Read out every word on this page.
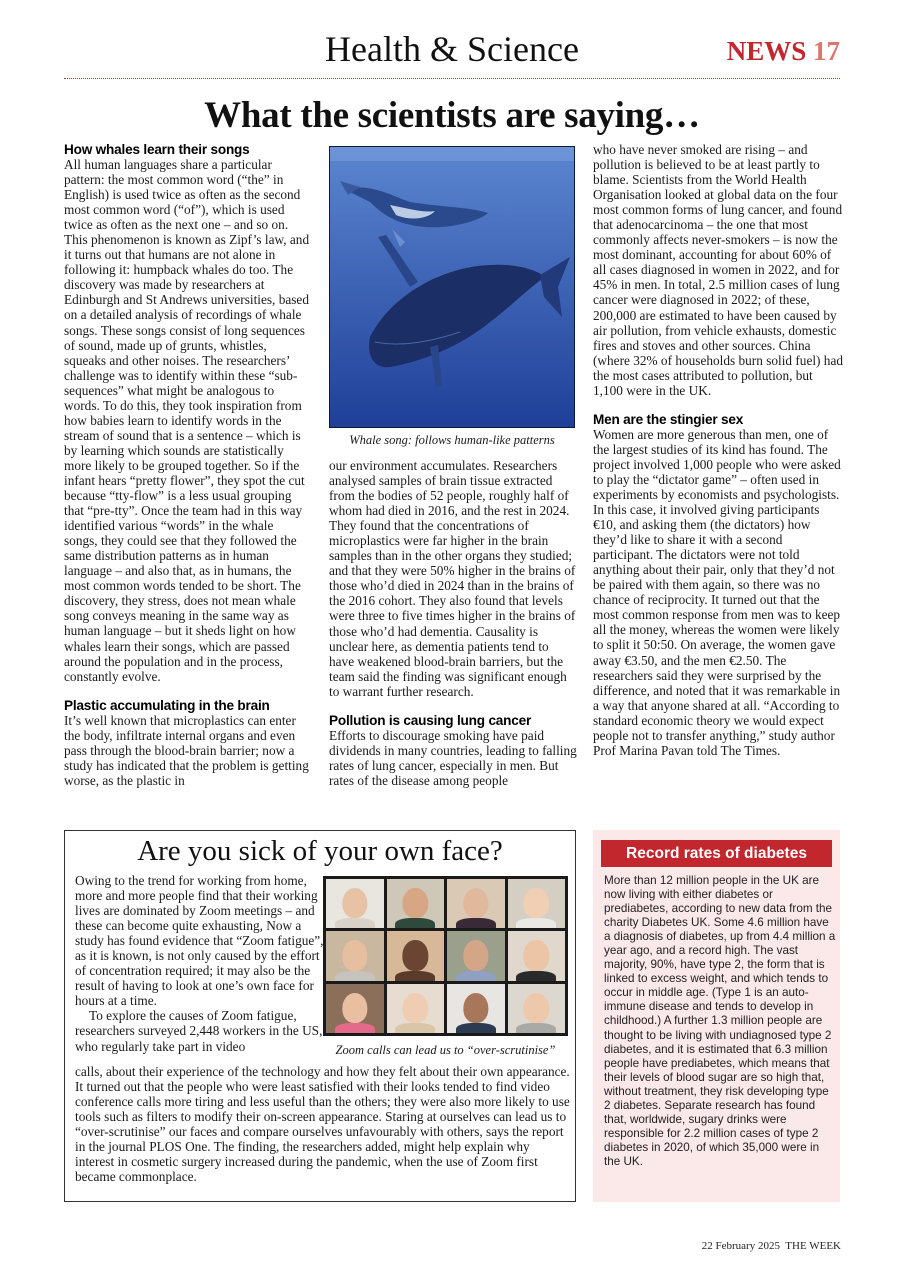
Health & Science	NEWS 17
What the scientists are saying…
How whales learn their songs

All human languages share a particular pattern: the most common word (“the” in English) is used twice as often as the second most common word (“of”), which is used twice as often as the next one – and so on. This phenomenon is known as Zipf’s law, and it turns out that humans are not alone in following it: humpback whales do too. The discovery was made by researchers at Edinburgh and St Andrews universities, based on a detailed analysis of recordings of whale songs. These songs consist of long sequences of sound, made up of grunts, whistles, squeaks and other noises. The researchers’ challenge was to identify within these “sub-sequences” what might be analogous to words. To do this, they took inspiration from how babies learn to identify words in the stream of sound that is a sentence – which is by learning which sounds are statistically more likely to be grouped together. So if the infant hears “pretty flower”, they spot the cut because “tty-flow” is a less usual grouping that “pre-tty”. Once the team had in this way identified various “words” in the whale songs, they could see that they followed the same distribution patterns as in human language – and also that, as in humans, the most common words tended to be short. The discovery, they stress, does not mean whale song conveys meaning in the same way as human language – but it sheds light on how whales learn their songs, which are passed around the population and in the process, constantly evolve.

Plastic accumulating in the brain

It’s well known that microplastics can enter the body, infiltrate internal organs and even pass through the blood-brain barrier; now a study has indicated that the problem is getting worse, as the plastic in

Whale song: follows human-like patterns

our environment accumulates. Researchers analysed samples of brain tissue extracted from the bodies of 52 people, roughly half of whom had died in 2016, and the rest in 2024. They found that the concentrations of microplastics were far higher in the brain samples than in the other organs they studied; and that they were 50% higher in the brains of those who’d died in 2024 than in the brains of the 2016 cohort. They also found that levels were three to five times higher in the brains of those who’d had dementia. Causality is unclear here, as dementia patients tend to have weakened blood-brain barriers, but the team said the finding was significant enough to warrant further research.

Pollution is causing lung cancer

Efforts to discourage smoking have paid dividends in many countries, leading to falling rates of lung cancer, especially in men. But rates of the disease among people

who have never smoked are rising – and pollution is believed to be at least partly to blame. Scientists from the World Health Organisation looked at global data on the four most common forms of lung cancer, and found that adenocarcinoma – the one that most commonly affects never-smokers – is now the most dominant, accounting for about 60% of all cases diagnosed in women in 2022, and for 45% in men. In total, 2.5 million cases of lung cancer were diagnosed in 2022; of these, 200,000 are estimated to have been caused by air pollution, from vehicle exhausts, domestic fires and stoves and other sources. China (where 32% of households burn solid fuel) had the most cases attributed to pollution, but 1,100 were in the UK.

Men are the stingier sex

Women are more generous than men, one of the largest studies of its kind has found. The project involved 1,000 people who were asked to play the “dictator game” – often used in experiments by economists and psychologists. In this case, it involved giving participants €10, and asking them (the dictators) how they’d like to share it with a second participant. The dictators were not told anything about their pair, only that they’d not be paired with them again, so there was no chance of reciprocity. It turned out that the most common response from men was to keep all the money, whereas the women were likely to split it 50:50. On average, the women gave away €3.50, and the men €2.50. The researchers said they were surprised by the difference, and noted that it was remarkable in a way that anyone shared at all. “According to standard economic theory we would expect people not to transfer anything,” study author Prof Marina Pavan told The Times.

Are you sick of your own face?

Owing to the trend for working from home, more and more people find that their working lives are dominated by Zoom meetings – and these can become quite exhausting, Now a study has found evidence that “Zoom fatigue”, as it is known, is not only caused by the effort of concentration required; it may also be the result of having to look at one’s own face for hours at a time.

To explore the causes of Zoom fatigue, researchers surveyed 2,448 workers in the US, who regularly take part in video	Zoom calls can lead us to “over-scrutinise”
calls, about their experience of the technology and how they felt about their own appearance. It turned out that the people who were least satisfied with their looks tended to find video conference calls more tiring and less useful than the others; they were also more likely to use tools such as filters to modify their on-screen appearance. Staring at ourselves can lead us to “over-scrutinise” our faces and compare ourselves unfavourably with others, says the report in the journal PLOS One. The finding, the researchers added, might help explain why interest in cosmetic surgery increased during the pandemic, when the use of Zoom first became commonplace.
Record rates of diabetes
More than 12 million people in the UK are now living with either diabetes or prediabetes, according to new data from the charity Diabetes UK. Some 4.6 million have a diagnosis of diabetes, up from 4.4 million a year ago, and a record high. The vast majority, 90%, have type 2, the form that is linked to excess weight, and which tends to occur in middle age. (Type 1 is an auto-immune disease and tends to develop in childhood.) A further 1.3 million people are thought to be living with undiagnosed type 2 diabetes, and it is estimated that 6.3 million people have prediabetes, which means that their levels of blood sugar are so high that, without treatment, they risk developing type 2 diabetes. Separate research has found that, worldwide, sugary drinks were responsible for 2.2 million cases of type 2 diabetes in 2020, of which 35,000 were in the UK.
22 February 2025 THE WEEK
